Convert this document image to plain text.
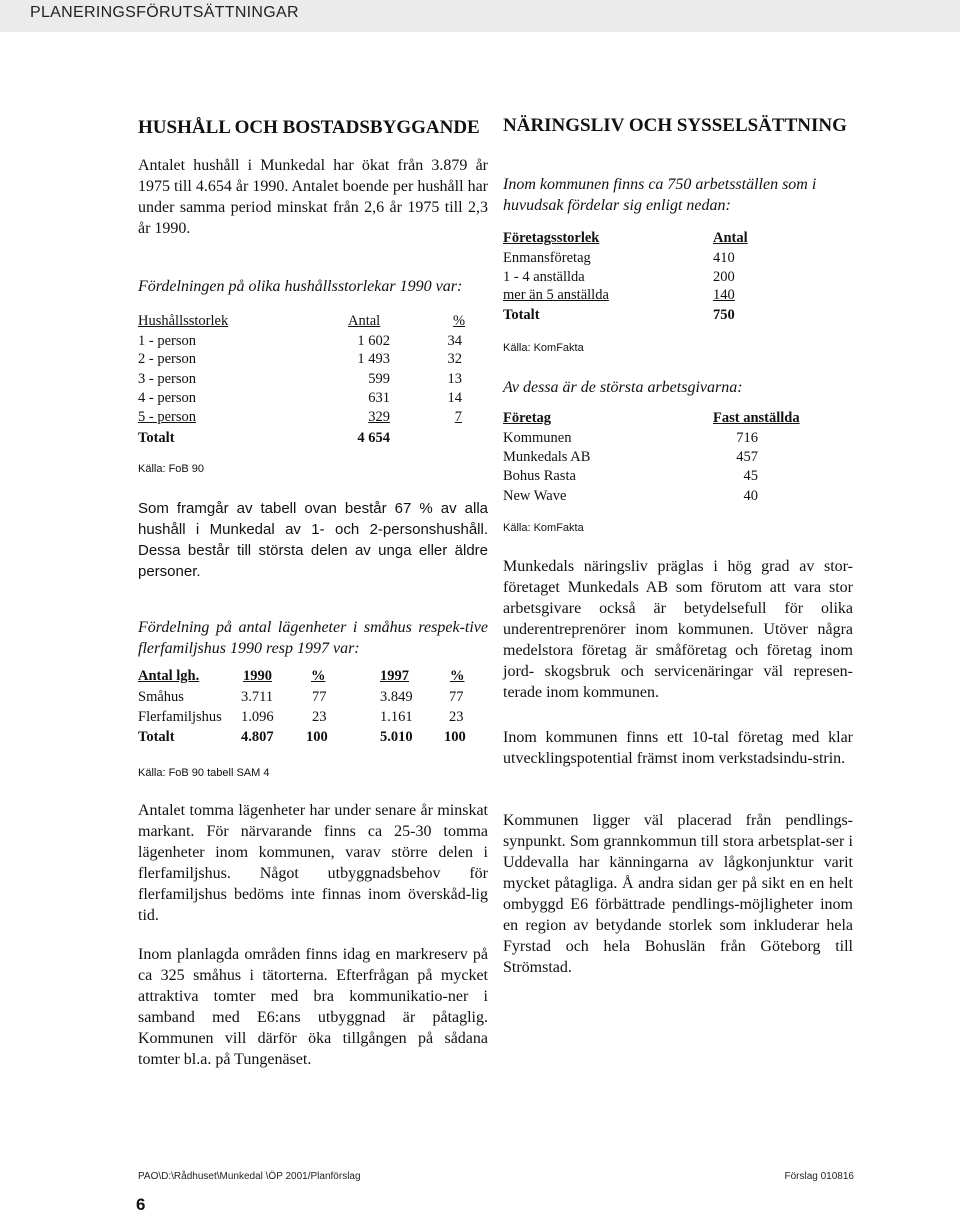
PLANERINGSFÖRUTSÄTTNINGAR
HUSHÅLL OCH BOSTADSBYGGANDE
Antalet hushåll i Munkedal har ökat från 3.879 år 1975 till 4.654 år 1990. Antalet boende per hushåll har under samma period minskat från 2,6 år 1975 till 2,3 år 1990.
Fördelningen på olika hushållsstorlekar 1990 var:
Hushållsstorlek	Antal	%
1 - person	1 602	34
2 - person	1 493	32
3 - person	599	13
4 - person	631	14
5 - person	329	7
Totalt	4 654
Källa: FoB 90
Som framgår av tabell ovan består 67 % av alla hushåll i Munkedal av 1- och 2-personshushåll. Dessa består till största delen av unga eller äldre personer.
Fördelning på antal lägenheter i småhus respek-tive flerfamiljshus 1990 resp 1997 var:
Antal lgh.	1990	%	1997	%
Småhus	3.711	77	3.849	77
Flerfamiljshus 1.096	23	1.161	23
Totalt	4.807 100	5.010 100
Källa: FoB 90 tabell SAM 4
Antalet tomma lägenheter har under senare år minskat markant. För närvarande finns ca 25-30 tomma lägenheter inom kommunen, varav större delen i flerfamiljshus. Något utbyggnadsbehov för flerfamiljshus bedöms inte finnas inom överskåd-lig tid.
Inom planlagda områden finns idag en markreserv på ca 325 småhus i tätorterna. Efterfrågan på mycket attraktiva tomter med bra kommunikatio-ner i samband med E6:ans utbyggnad är påtaglig. Kommunen vill därför öka tillgången på sådana tomter bl.a. på Tungenäset.
NÄRINGSLIV OCH SYSSELSÄTTNING
Inom kommunen finns ca 750 arbetsställen som i huvudsak fördelar sig enligt nedan:
Företagsstorlek	Antal
Enmansföretag	410
1 - 4 anställda	200
mer än 5 anställda	140
Totalt	750
Källa: KomFakta
Av dessa är de största arbetsgivarna:
Företag	Fast anställda
Kommunen	716
Munkedals AB	457
Bohus Rasta	45
New Wave	40
Källa: KomFakta
Munkedals näringsliv präglas i hög grad av stor-företaget Munkedals AB som förutom att vara stor arbetsgivare också är betydelsefull för olika underentreprenörer inom kommunen. Utöver några medelstora företag är småföretag och företag inom jord- skogsbruk och servicenäringar väl represen-terade inom kommunen.
Inom kommunen finns ett 10-tal företag med klar utvecklingspotential främst inom verkstadsindu-strin.
Kommunen ligger väl placerad från pendlings-synpunkt. Som grannkommun till stora arbetsplat-ser i Uddevalla har känningarna av lågkonjunktur varit mycket påtagliga. Å andra sidan ger på sikt en en helt ombyggd E6 förbättrade pendlings-möjligheter inom en region av betydande storlek som inkluderar hela Fyrstad och hela Bohuslän från Göteborg till Strömstad.
PAO\D:\Rådhuset\Munkedal \ÖP 2001/Planförslag	Förslag 010816
6
